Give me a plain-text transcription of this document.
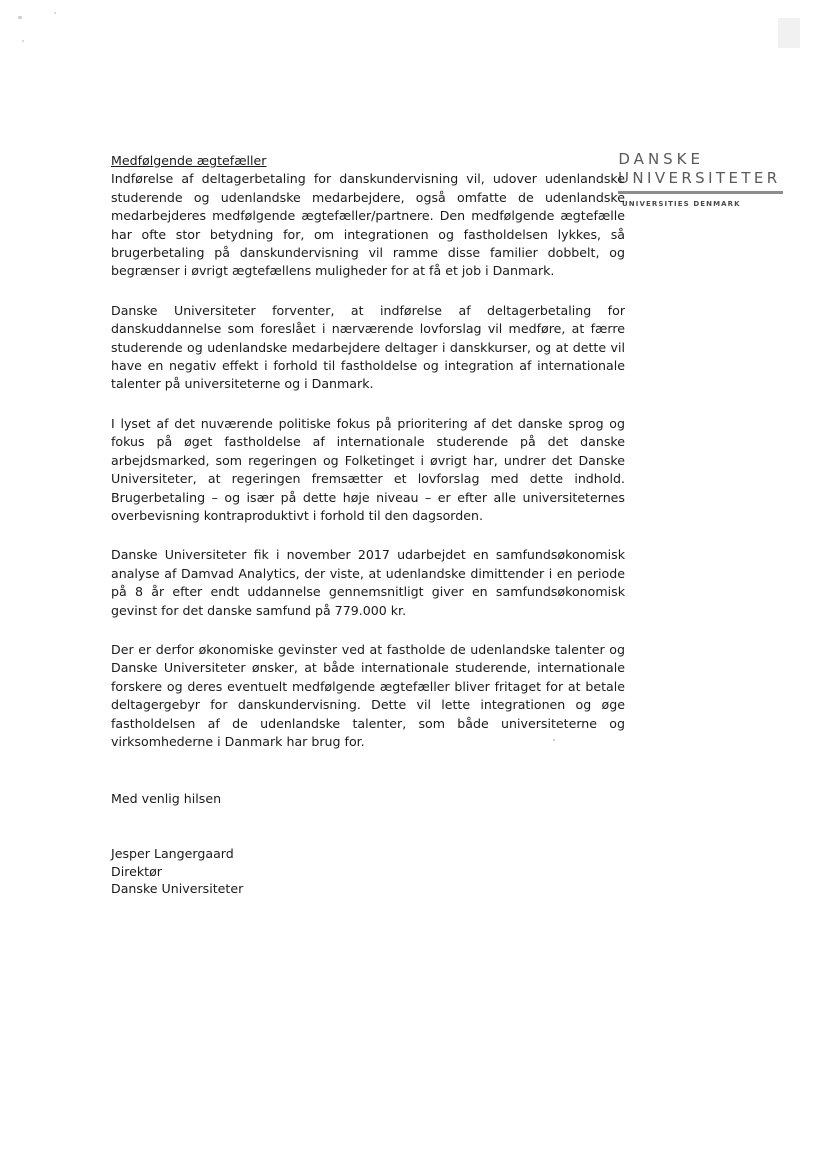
DANSKE
UNIVERSITETER
UNIVERSITIES DENMARK

Medfølgende ægtefæller

Indførelse af deltagerbetaling for danskundervisning vil, udover udenlandske studerende og udenlandske medarbejdere, også omfatte de udenlandske medarbejderes medfølgende ægtefæller/partnere. Den medfølgende ægtefælle har ofte stor betydning for, om integrationen og fastholdelsen lykkes, så brugerbetaling på danskundervisning vil ramme disse familier dobbelt, og begrænser i øvrigt ægtefællens muligheder for at få et job i Danmark.

Danske Universiteter forventer, at indførelse af deltagerbetaling for danskuddannelse som foreslået i nærværende lovforslag vil medføre, at færre studerende og udenlandske medarbejdere deltager i danskkurser, og at dette vil have en negativ effekt i forhold til fastholdelse og integration af internationale talenter på universiteterne og i Danmark.

I lyset af det nuværende politiske fokus på prioritering af det danske sprog og fokus på øget fastholdelse af internationale studerende på det danske arbejdsmarked, som regeringen og Folketinget i øvrigt har, undrer det Danske Universiteter, at regeringen fremsætter et lovforslag med dette indhold. Brugerbetaling – og især på dette høje niveau – er efter alle universiteternes overbevisning kontraproduktivt i forhold til den dagsorden.

Danske Universiteter fik i november 2017 udarbejdet en samfundsøkonomisk analyse af Damvad Analytics, der viste, at udenlandske dimittender i en periode på 8 år efter endt uddannelse gennemsnitligt giver en samfundsøkonomisk gevinst for det danske samfund på 779.000 kr.

Der er derfor økonomiske gevinster ved at fastholde de udenlandske talenter og Danske Universiteter ønsker, at både internationale studerende, internationale forskere og deres eventuelt medfølgende ægtefæller bliver fritaget for at betale deltagergebyr for danskundervisning. Dette vil lette integrationen og øge fastholdelsen af de udenlandske talenter, som både universiteterne og virksomhederne i Danmark har brug for.

Med venlig hilsen
Jesper Langergaard
Direktør
Danske Universiteter
